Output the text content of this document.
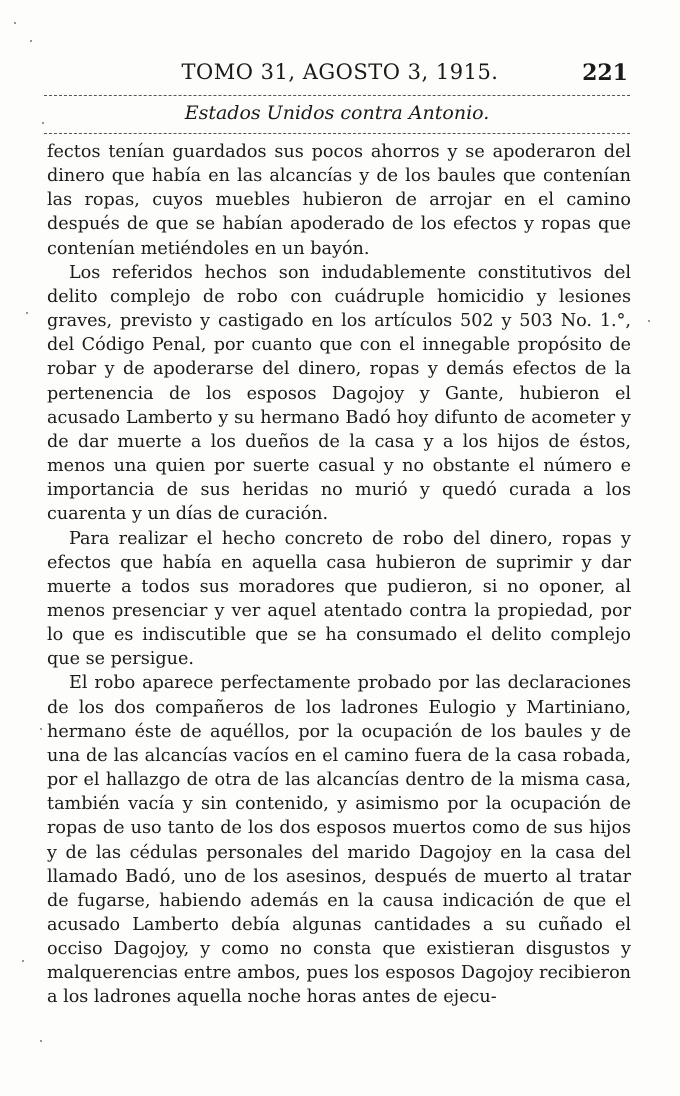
TOMO 31, AGOSTO 3, 1915.	221
Estados Unidos contra Antonio.

fectos tenían guardados sus pocos ahorros y se apoderaron del dinero que había en las alcancías y de los baules que contenían las ropas, cuyos muebles hubieron de arrojar en el camino después de que se habían apoderado de los efectos y ropas que contenían metiéndoles en un bayón.

Los referidos hechos son indudablemente constitutivos del delito complejo de robo con cuádruple homicidio y lesiones graves, previsto y castigado en los artículos 502 y 503 No. 1.°, del Código Penal, por cuanto que con el innegable propósito de robar y de apoderarse del dinero, ropas y demás efectos de la pertenencia de los esposos Dagojoy y Gante, hubieron el acusado Lamberto y su hermano Badó hoy difunto de acometer y de dar muerte a los dueños de la casa y a los hijos de éstos, menos una quien por suerte casual y no obstante el número e importancia de sus heridas no murió y quedó curada a los cuarenta y un días de curación.

Para realizar el hecho concreto de robo del dinero, ropas y efectos que había en aquella casa hubieron de suprimir y dar muerte a todos sus moradores que pudieron, si no oponer, al menos presenciar y ver aquel atentado contra la propiedad, por lo que es indiscutible que se ha consumado el delito complejo que se persigue.

El robo aparece perfectamente probado por las declaraciones de los dos compañeros de los ladrones Eulogio y Martiniano, hermano éste de aquéllos, por la ocupación de los baules y de una de las alcancías vacíos en el camino fuera de la casa robada, por el hallazgo de otra de las alcancías dentro de la misma casa, también vacía y sin contenido, y asimismo por la ocupación de ropas de uso tanto de los dos esposos muertos como de sus hijos y de las cédulas personales del marido Dagojoy en la casa del llamado Badó, uno de los asesinos, después de muerto al tratar de fugarse, habiendo además en la causa indicación de que el acusado Lamberto debía algunas cantidades a su cuñado el occiso Dagojoy, y como no consta que existieran disgustos y malquerencias entre ambos, pues los esposos Dagojoy recibieron a los ladrones aquella noche horas antes de ejecu-
